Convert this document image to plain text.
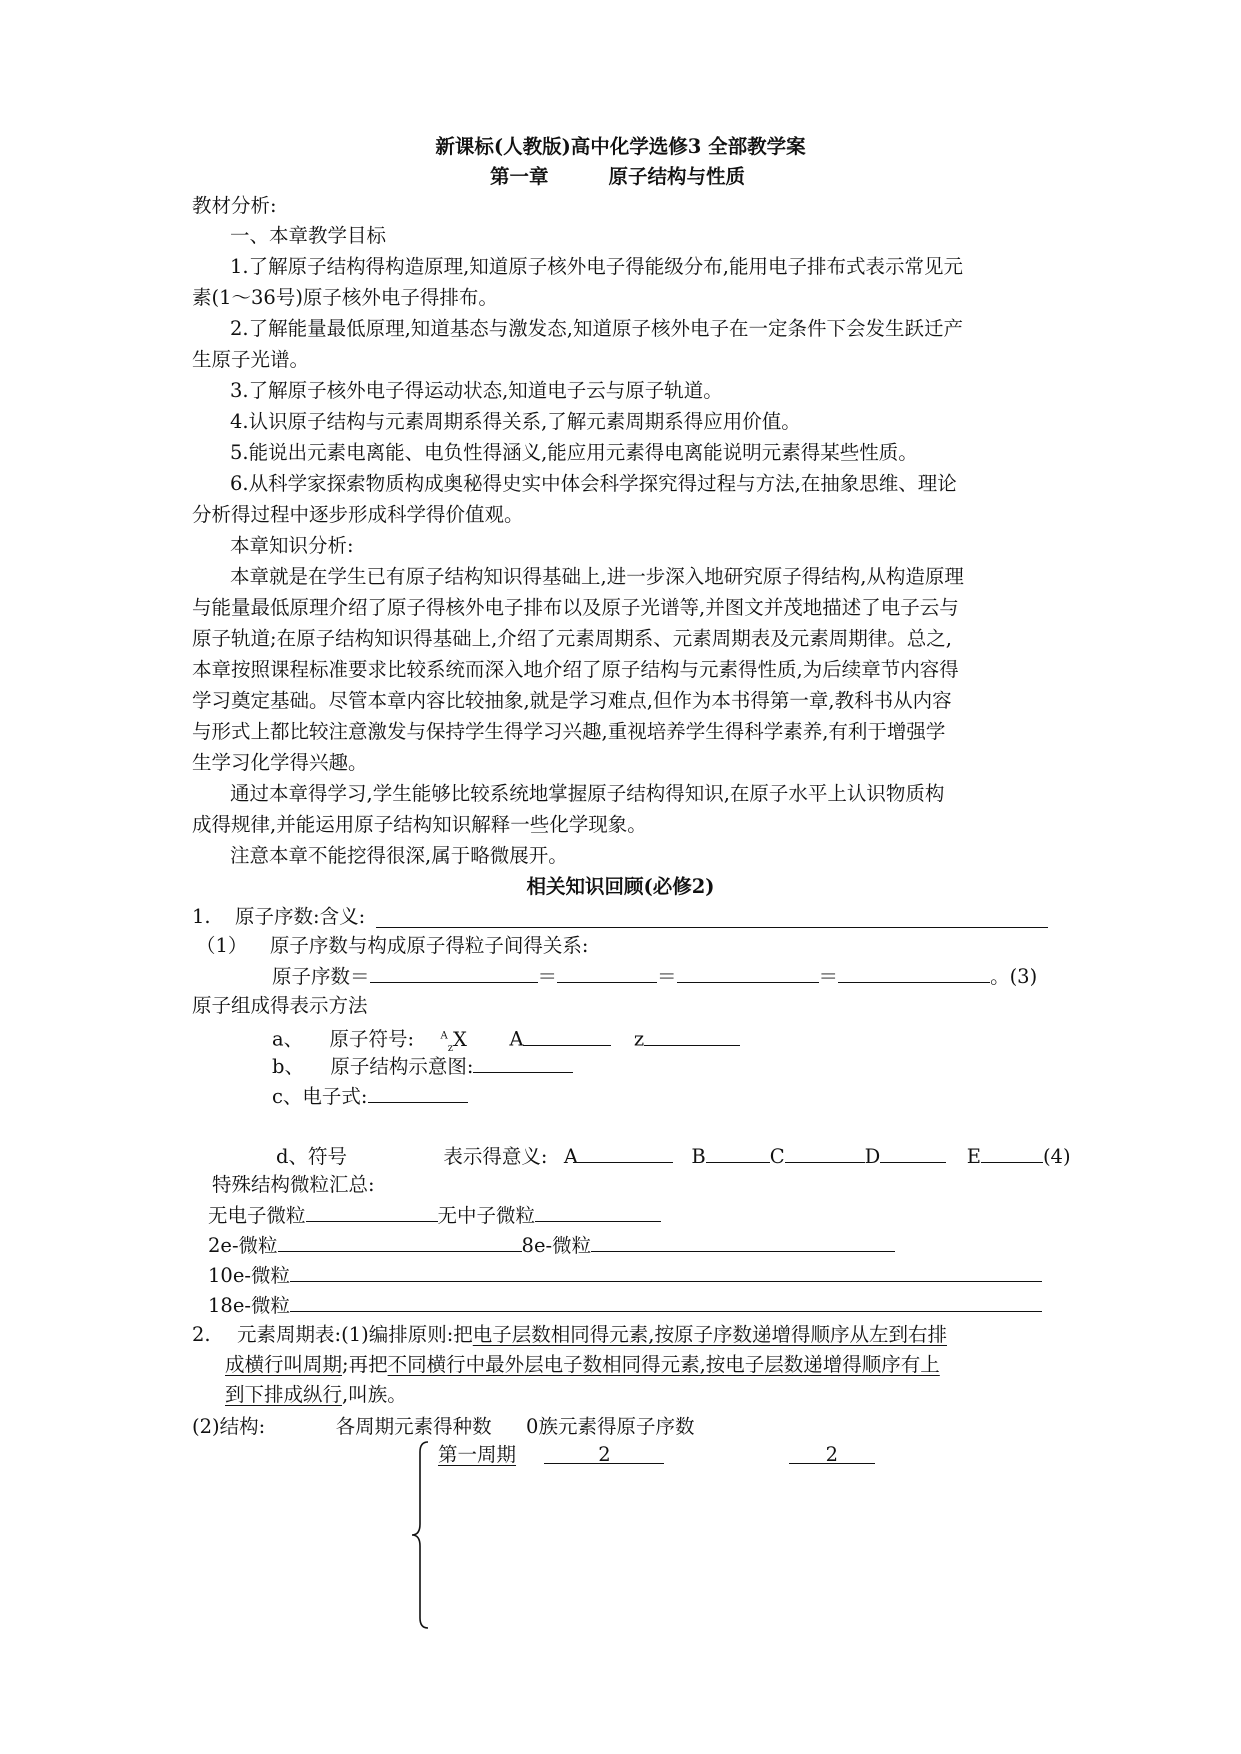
新课标(人教版)高中化学选修3 全部教学案
第一章	原子结构与性质
教材分析:
一、本章教学目标
1.了解原子结构得构造原理,知道原子核外电子得能级分布,能用电子排布式表示常见元
素(1～36号)原子核外电子得排布。
2.了解能量最低原理,知道基态与激发态,知道原子核外电子在一定条件下会发生跃迁产
生原子光谱。
3.了解原子核外电子得运动状态,知道电子云与原子轨道。
4.认识原子结构与元素周期系得关系,了解元素周期系得应用价值。
5.能说出元素电离能、电负性得涵义,能应用元素得电离能说明元素得某些性质。
6.从科学家探索物质构成奥秘得史实中体会科学探究得过程与方法,在抽象思维、理论
分析得过程中逐步形成科学得价值观。
本章知识分析:
本章就是在学生已有原子结构知识得基础上,进一步深入地研究原子得结构,从构造原理
与能量最低原理介绍了原子得核外电子排布以及原子光谱等,并图文并茂地描述了电子云与
原子轨道;在原子结构知识得基础上,介绍了元素周期系、元素周期表及元素周期律。总之,
本章按照课程标准要求比较系统而深入地介绍了原子结构与元素得性质,为后续章节内容得
学习奠定基础。尽管本章内容比较抽象,就是学习难点,但作为本书得第一章,教科书从内容
与形式上都比较注意激发与保持学生得学习兴趣,重视培养学生得科学素养,有利于增强学
生学习化学得兴趣。
通过本章得学习,学生能够比较系统地掌握原子结构得知识,在原子水平上认识物质构
成得规律,并能运用原子结构知识解释一些化学现象。
注意本章不能挖得很深,属于略微展开。
相关知识回顾(必修2)
1. 原子序数:含义:
（1） 原子序数与构成原子得粒子间得关系:
原子序数＝	＝	＝	＝	。(3)
原子组成得表示方法
a、 原子符号:	$^A_z$X A	z
b、 原子结构示意图:
c、电子式:
d、符号	表示得意义: A	B	C	D	E	(4)
特殊结构微粒汇总:
无电子微粒	无中子微粒
2e-微粒	8e-微粒
10e-微粒
18e-微粒
2. 元素周期表:(1)编排原则:把电子层数相同得元素,按原子序数递增得顺序从左到右排
成横行叫周期;再把不同横行中最外层电子数相同得元素,按电子层数递增得顺序有上
到下排成纵行,叫族。
(2)结构:	各周期元素得种数 0族元素得原子序数
第一周期	2	2
